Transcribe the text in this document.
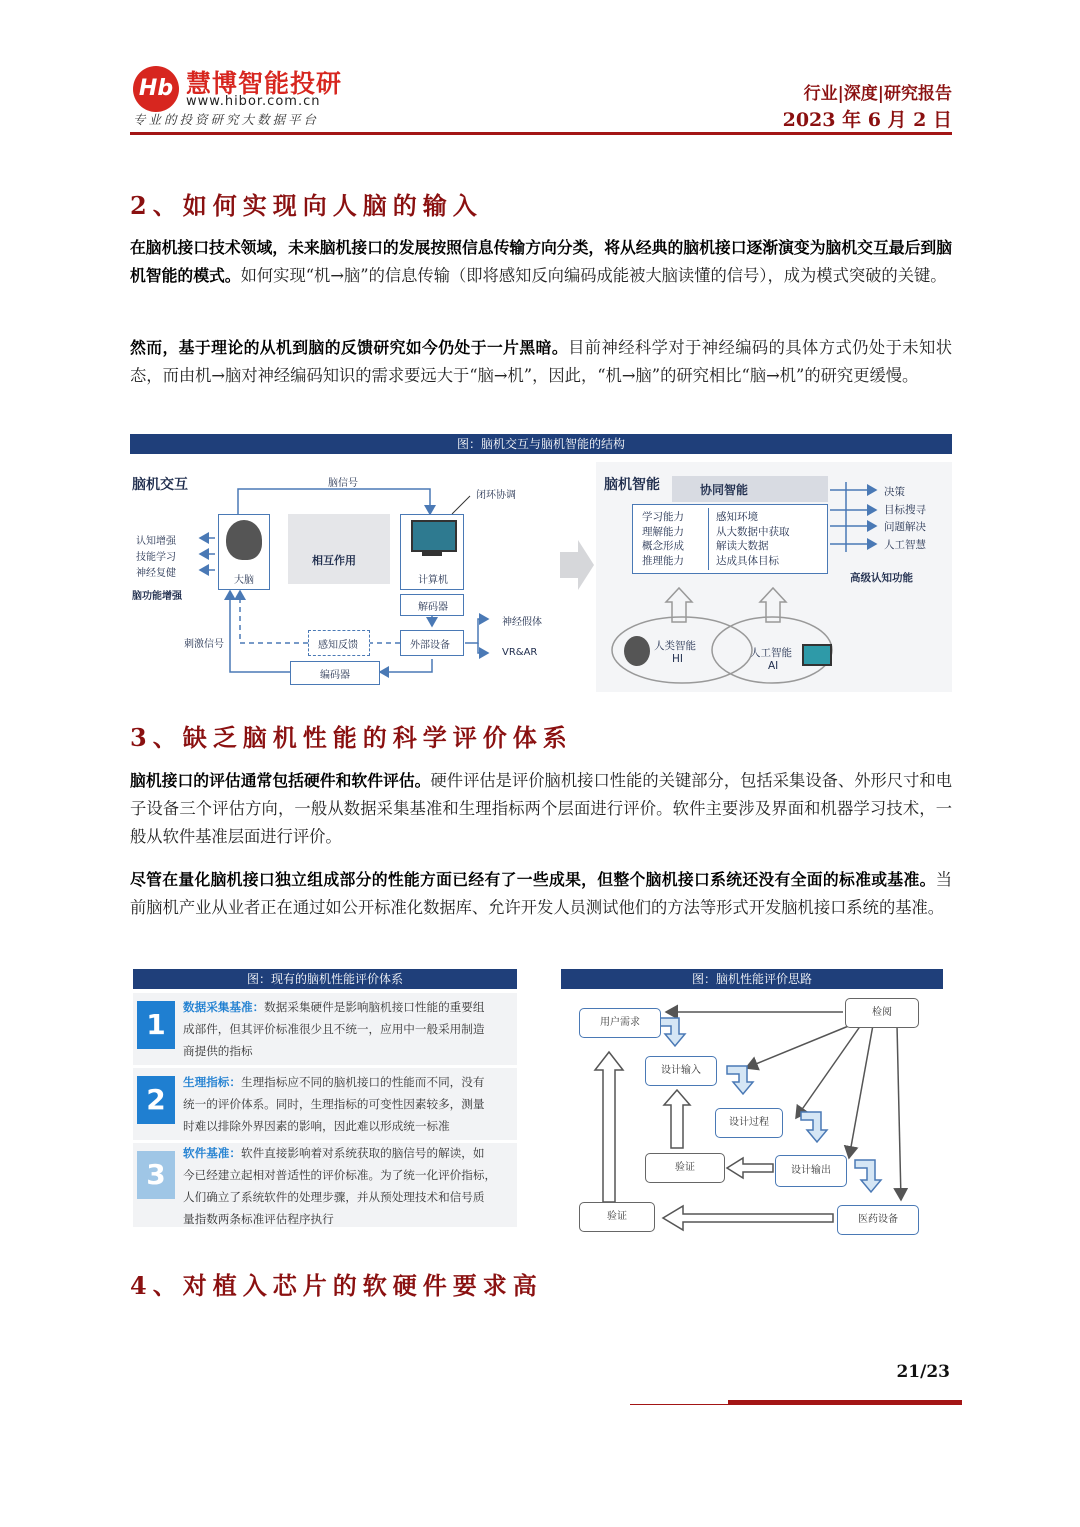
Hb 慧博智能投研
www.hibor.com.cn
专业的投资研究大数据平台
行业|深度|研究报告
2023 年 6 月 2 日
2、如何实现向人脑的输入

在脑机接口技术领域，未来脑机接口的发展按照信息传输方向分类，将从经典的脑机接口逐渐演变为脑机交互最后到脑机智能的模式。如何实现“机→脑”的信息传输（即将感知反向编码成能被大脑读懂的信号），成为模式突破的关键。

然而，基于理论的从机到脑的反馈研究如今仍处于一片黑暗。目前神经科学对于神经编码的具体方式仍处于未知状态，而由机→脑对神经编码知识的需求要远大于“脑→机”，因此，“机→脑”的研究相比“脑→机”的研究更缓慢。

图：脑机交互与脑机智能的结构
脑机交互	脑信号
闭环协调
相互作用
大脑	计算机
解码器
外部设备
感知反馈
编码器
刺激信号
神经假体
VR&AR
认知增强
技能学习
神经复健
脑功能增强
脑机智能	协同智能
学习能力
理解能力
概念形成
推理能力
感知环境
从大数据中获取
解读大数据
达成具体目标
决策
目标搜寻
问题解决
人工智慧
高级认知功能
人类智能
HI	人工智能
AI
3、缺乏脑机性能的科学评价体系

脑机接口的评估通常包括硬件和软件评估。硬件评估是评价脑机接口性能的关键部分，包括采集设备、外形尺寸和电子设备三个评估方向，一般从数据采集基准和生理指标两个层面进行评价。软件主要涉及界面和机器学习技术，一般从软件基准层面进行评价。

尽管在量化脑机接口独立组成部分的性能方面已经有了一些成果，但整个脑机接口系统还没有全面的标准或基准。当前脑机产业从业者正在通过如公开标准化数据库、允许开发人员测试他们的方法等形式开发脑机接口系统的基准。

图：现有的脑机性能评价体系
1
数据采集基准：数据采集硬件是影响脑机接口性能的重要组
成部件，但其评价标准很少且不统一，应用中一般采用制造
商提供的指标
2
生理指标：生理指标应不同的脑机接口的性能而不同，没有
统一的评价体系。同时，生理指标的可变性因素较多，测量
时难以排除外界因素的影响，因此难以形成统一标准
3
软件基准：软件直接影响着对系统获取的脑信号的解读，如
今已经建立起相对普适性的评价标准。为了统一化评价指标，
人们确立了系统软件的处理步骤，并从预处理技术和信号质
量指数两条标准评估程序执行
图：脑机性能评价思路
用户需求
检阅
设计输入
设计过程
设计输出
验证
验证	医药设备
4、对植入芯片的软硬件要求高
21/23
